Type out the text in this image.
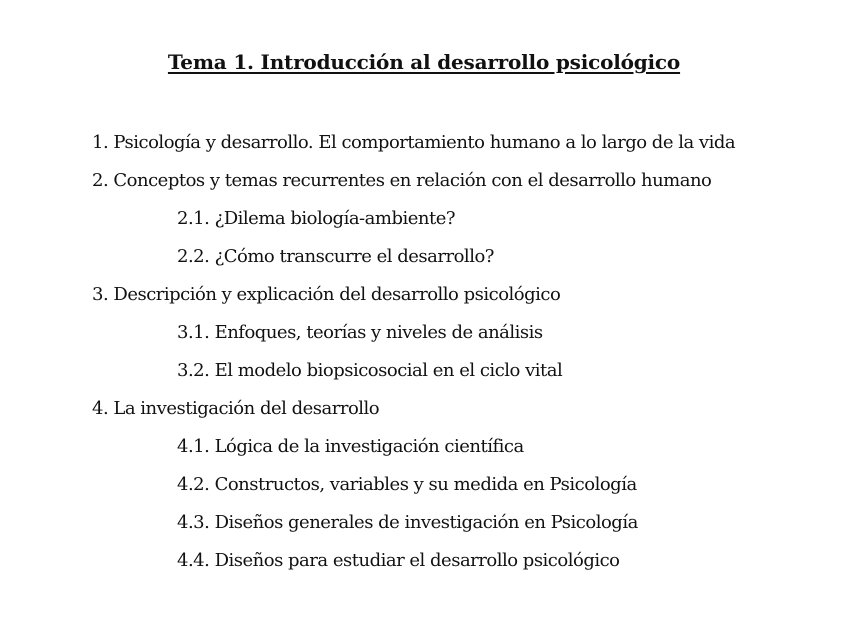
Tema 1. Introducción al desarrollo psicológico
1. Psicología y desarrollo. El comportamiento humano a lo largo de la vida
2. Conceptos y temas recurrentes en relación con el desarrollo humano
2.1. ¿Dilema biología-ambiente?
2.2. ¿Cómo transcurre el desarrollo?
3. Descripción y explicación del desarrollo psicológico
3.1. Enfoques, teorías y niveles de análisis
3.2. El modelo biopsicosocial en el ciclo vital
4. La investigación del desarrollo
4.1. Lógica de la investigación científica
4.2. Constructos, variables y su medida en Psicología
4.3. Diseños generales de investigación en Psicología
4.4. Diseños para estudiar el desarrollo psicológico
